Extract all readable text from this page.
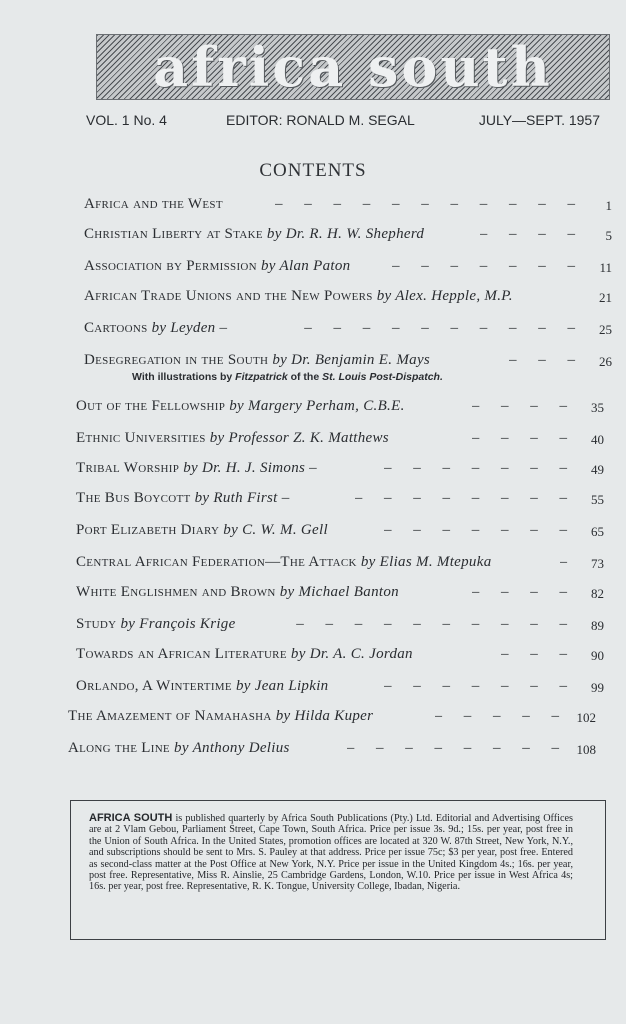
africa south
VOL. 1 No. 4	EDITOR: RONALD M. SEGAL	JULY—SEPT. 1957
CONTENTS
– – – – – – – – – – –
Africa and the West	1
– – – –
Christian Liberty at Stake by Dr. R. H. W. Shepherd	5
– – – – – – –
Association by Permission by Alan Paton	11
African Trade Unions and the New Powers by Alex. Hepple, M.P.	21
– – – – – – – – – –
Cartoons by Leyden –	25
– – –
Desegregation in the South by Dr. Benjamin E. Mays	26
With illustrations by Fitzpatrick of the St. Louis Post-Dispatch.
– – – –
Out of the Fellowship by Margery Perham, C.B.E.	35
– – – –
Ethnic Universities by Professor Z. K. Matthews	40
– – – – – – –
Tribal Worship by Dr. H. J. Simons –	49
– – – – – – – –
The Bus Boycott by Ruth First –	55
– – – – – – –
Port Elizabeth Diary by C. W. M. Gell	65
–
Central African Federation—The Attack by Elias M. Mtepuka	73
– – – –
White Englishmen and Brown by Michael Banton	82
– – – – – – – – – –
Study by François Krige	89
– – –
Towards an African Literature by Dr. A. C. Jordan	90
– – – – – – –
Orlando, A Wintertime by Jean Lipkin	99
– – – – –
The Amazement of Namahasha by Hilda Kuper	102
– – – – – – – –
Along the Line by Anthony Delius	108
AFRICA SOUTH is published quarterly by Africa South Publications (Pty.) Ltd. Editorial and Advertising Offices are at 2 Vlam Gebou, Parliament Street, Cape Town, South Africa. Price per issue 3s. 9d.; 15s. per year, post free in the Union of South Africa. In the United States, promotion offices are located at 320 W. 87th Street, New York, N.Y., and subscriptions should be sent to Mrs. S. Pauley at that address. Price per issue 75c; $3 per year, post free. Entered as second-class matter at the Post Office at New York, N.Y. Price per issue in the United Kingdom 4s.; 16s. per year, post free. Representative, Miss R. Ainslie, 25 Cambridge Gardens, London, W.10. Price per issue in West Africa 4s; 16s. per year, post free. Representative, R. K. Tongue, University College, Ibadan, Nigeria.
